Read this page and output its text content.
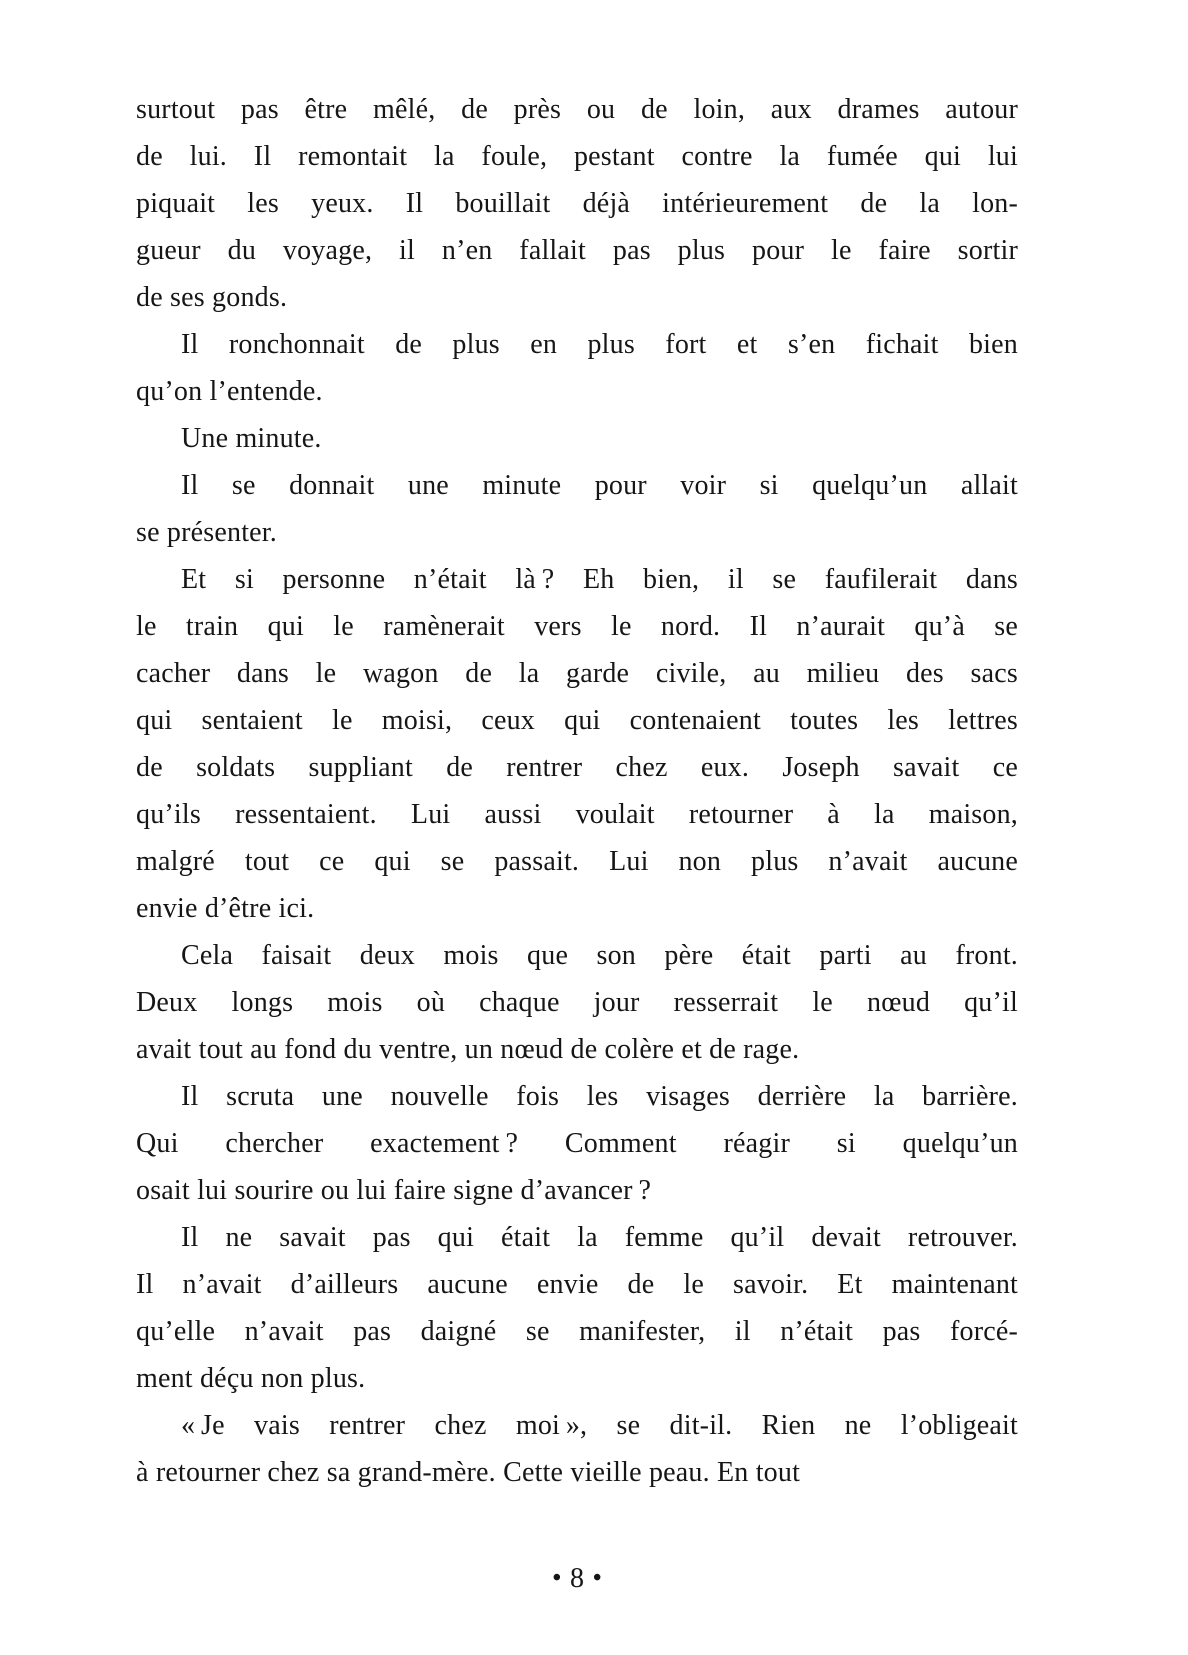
surtout pas être mêlé, de près ou de loin, aux drames autour
de lui. Il remontait la foule, pestant contre la fumée qui lui
piquait les yeux. Il bouillait déjà intérieurement de la lon-
gueur du voyage, il n’en fallait pas plus pour le faire sortir
de ses gonds.
Il ronchonnait de plus en plus fort et s’en fichait bien
qu’on l’entende.
Une minute.
Il se donnait une minute pour voir si quelqu’un allait
se présenter.
Et si personne n’était là ? Eh bien, il se faufilerait dans
le train qui le ramènerait vers le nord. Il n’aurait qu’à se
cacher dans le wagon de la garde civile, au milieu des sacs
qui sentaient le moisi, ceux qui contenaient toutes les lettres
de soldats suppliant de rentrer chez eux. Joseph savait ce
qu’ils ressentaient. Lui aussi voulait retourner à la maison,
malgré tout ce qui se passait. Lui non plus n’avait aucune
envie d’être ici.
Cela faisait deux mois que son père était parti au front.
Deux longs mois où chaque jour resserrait le nœud qu’il
avait tout au fond du ventre, un nœud de colère et de rage.
Il scruta une nouvelle fois les visages derrière la barrière.
Qui chercher exactement ? Comment réagir si quelqu’un
osait lui sourire ou lui faire signe d’avancer ?
Il ne savait pas qui était la femme qu’il devait retrouver.
Il n’avait d’ailleurs aucune envie de le savoir. Et maintenant
qu’elle n’avait pas daigné se manifester, il n’était pas forcé-
ment déçu non plus.
« Je vais rentrer chez moi », se dit-il. Rien ne l’obligeait
à retourner chez sa grand-mère. Cette vieille peau. En tout
• 8 •
